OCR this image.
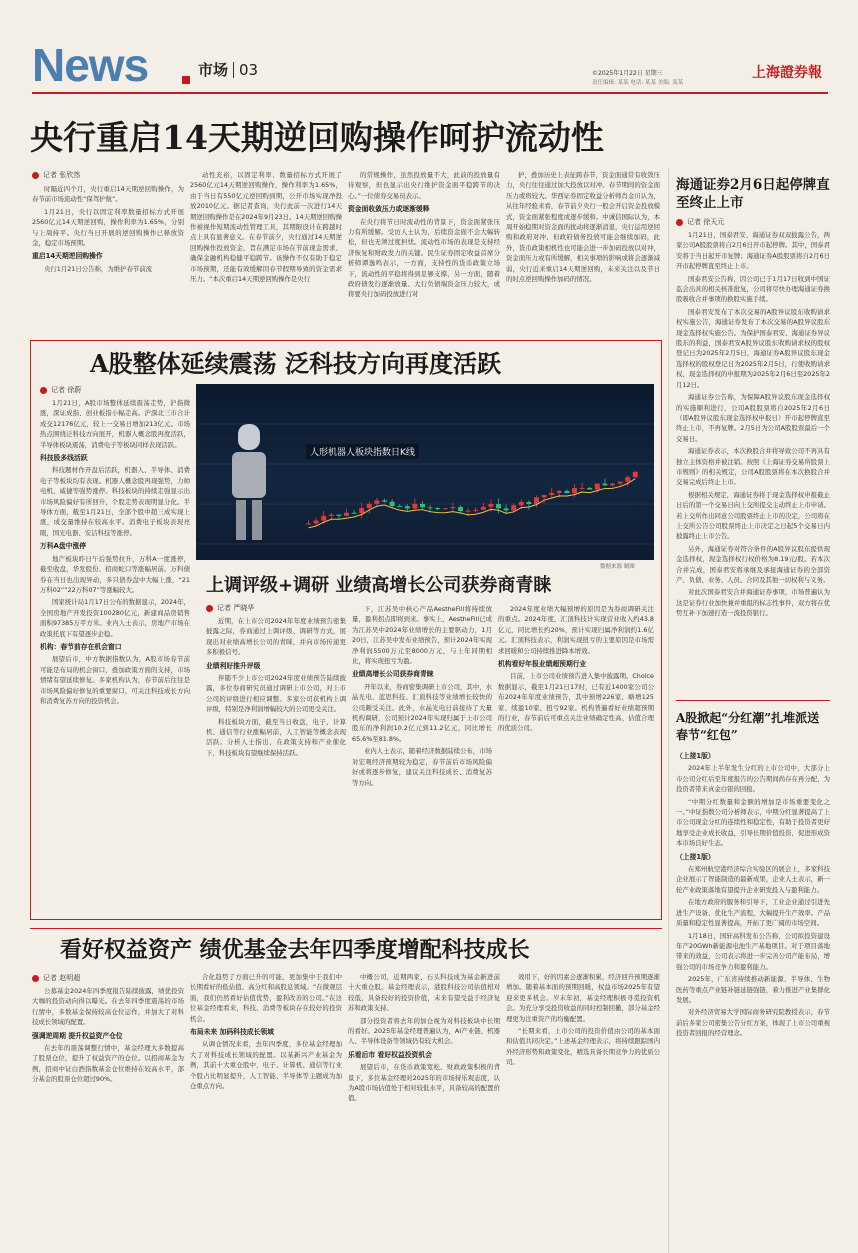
News	市场 03	©2025年1月22日 星期三
责任编辑: 某某 电话: 某某 美编: 某某
上海證券報
央行重启14天期逆回购操作呵护流动性
记者 张欣然

时隔近四个月，央行重启14天期逆回购操作，为春节前市场流动性“保驾护航”。

1月21日，央行以固定利率数量招标方式开展2560亿元14天期逆回购，操作利率为1.65%，分别与上周持平。央行当日开展的逆回购操作已释放资金，稳定市场预期。

重启14天期逆回购操作

央行1月21日公告称，为维护春节前流

动性充裕，以固定利率、数量招标方式开展了2560亿元14天期逆回购操作，操作利率为1.65%，由于当日有550亿元逆回购到期，公开市场实现净投放2010亿元。据记者查询，央行此前一次进行14天期逆回购操作是在2024年9月23日。14天期逆回购操作被视作短期流动性管理工具，其期限设计在跨越时点上具有显著意义。在春节前夕，央行通过14天期逆回购操作投放资金，旨在满足市场在节前现金需求、确保金融机构稳健平稳跨节。该操作不仅有助于稳定市场预期，还能有效缓解因春节假期导致的资金需求压力。“本次重启14天期逆回购操作是央行

的常规操作，虽然投放量不大，此前的投放量有待观察，但也显示出央行维护资金面平稳跨节的决心。”一位债券交易员表示。

资金面收敛压力或逐渐缓释

在央行将节日时流动性的背景下，资金面紧张压力有所缓解。受访人士认为，后续资金面不会大幅转松，但也无须过度担忧。流动性市场的表现是支持经济恢复和财政发力的关键。民生证券固定收益首席分析师谭逸鸣表示，一方面，支持性的货币政策立场下，流动性的平稳将得到足够支撑，另一方面，随着政府债发行逐渐放量、大行负债端资金压力较大，或将要央行加码投放进行对

护，叠加历史上表征跨春节，资金面通常有收敛压力，央行往往通过加大投放以对冲。春节期间的资金面压力或将较大。华西证券固定收益分析师肖金川认为，从往年经验来看，春节前夕央行一般会开启资金投放模式，资金面紧张程度或逐步缓和。中诚信国际认为，本周开始稳期对资金面的扰动将逐渐消退，央行运用逆回购和政府对冲、但政府债务投放可能会继续加码，此外，货币政策相机性也可能会进一步加码投放以对冲，资金面压力或有所缓解，相关事项的影响或将会逐渐减弱，央行近来重启14天期逆回购，未来关注以及节日的时点逆回购操作加码的情况。

海通证券2月6日起停牌直至终止上市
记者 徐天元

1月21日，国泰君安、海通证券双双披露公告，两家公司A股股票将自2月6日开市起停牌。其中，国泰君安将于当日起开市复牌；海通证券A股股票将自2月6日开市起停牌直至终止上市。

国泰君安公告称，因公司已于1月17日收到中国证监会出具的相关核准批复，公司将尽快办理海通证券换股吸收合并事项的换股实施手续。

国泰君安发布了本次交易的A股异议股东收购请求权实施公告，海通证券发布了本次交易的A股异议股东现金选择权实施公告。为保护国泰君安、海通证券异议股东的利益，国泰君安A股异议股东收购请求权的股权登记日为2025年2月5日，海通证券A股异议股东现金选择权的股权登记日为2025年2月5日，行使收购请求权、现金选择权的申报期为2025年2月6日至2025年2月12日。

海通证券公告称，为保障A股异议股东现金选择权的实施顺利进行，公司A股股票将自2025年2月6日（即A股异议股东现金选择权申报日）开市起停牌直至终止上市，不再复牌。2月5日为公司A股股票最后一个交易日。

海通证券表示，本次换股合并将导致公司不再具有独立主体资格并被注销。按照《上海证券交易所股票上市规则》的相关规定，公司A股股票将在本次换股合并交易完成后终止上市。

根据相关规定，海通证券将于现金选择权申报截止日后的第一个交易日向上交所提交主动终止上市申请。若上交所作出同意公司股票终止上市的决定，公司将在上交所公告公司股票终止上市决定之日起5个交易日内披露终止上市公告。

另外，海通证券对符合条件的A股异议股东提供现金选择权，现金选择权行权价格为8.19元/股。若本次合并完成，国泰君安将承继及承接海通证券的全部资产、负债、业务、人员、合同及其他一切权利与义务。

对此次国泰君安合并海通证券事项，市场普遍认为这是证券行业加快兼并重组的标志性事件，双方将在优势互补下加速打造一流投资银行。

A股掀起“分红潮”扎堆派送春节“红包”

（上接1版）

2024年上半年发生分红的上市公司中，大部分上市公司分红后至年度报告的公告期间尚存在再分配，为投资者带来真金白银的回报。

“中期分红数量和金额的增加是市场重要变化之一。”中证指数公司分析师表示，中期分红显著提高了上市公司现金分红的连续性和稳定性，有助于投资者更好地享受企业成长收益，引导长期价值投资，促进形成资本市场良好生态。

（上接1版）

在郑州航空港经济综合实验区的展会上，多家科技企业展示了智能制造的最新成果，企业人士表示，新一轮产业政策落地有望提升企业研发投入与盈利能力。

在地方政府的服务和引导下，工业企业通过引进先进生产设备、优化生产流程，大幅提升生产效率。产品质量和稳定性显著提高，开拓了更广阔的市场空间。

1月18日，国轩高科发布公告称，公司拟投资建设年产20GWh新能源电池生产基地项目。对于项目落地带来的效益，公司表示将进一步完善公司产能布局，增强公司的市场竞争力和盈利能力。

2025年，广东省持续推动新能源、半导体、生物医药等重点产业链补链延链强链，着力推进产业集群化发展。

对外经济贸易大学国际商务研究院教授表示，春节前后多家公司密集公告分红方案，体现了上市公司重视投资者回报的经营理念。

A股整体延续震荡 泛科技方向再度活跃
记者 徐蔚

1月21日，A股市场整体延续震荡走势，沪指微涨，深证成指、创业板指小幅走高。沪深北三市合计成交12176亿元，较上一交易日增加213亿元。市场热点围绕泛科技方向展开，机器人概念股再度活跃，半导体板块震荡，消费电子等板块同样表现活跃。

科技股多线活跃

科技题材作开盘后活跃，机器人、半导体、消费电子等板块均有表现。机器人概念股再现强势，力帅电机、威捷等强势涨停。科技板块的持续走强显示出市场风险偏好有所回升，个股走势表现明显分化。半导体方面，截至1月21日，全部个股中超三成实现上涨，成交量维持在较高水平。消费电子板块表现亮眼，国光电器、安洁科技等涨停。

万科A盘中涨停

地产板块昨日午后强势拉升，万科A一度涨停，截至收盘，华发股份、招商蛇口等涨幅居前。万科债券在当日也出现异动，多只债券盘中大幅上涨，“21万科02”“22万科07”等涨幅较大。

国家统计局1月17日公布的数据显示，2024年，全国房地产开发投资100280亿元，新建商品房销售面积97385万平方米。业内人士表示，房地产市场在政策托底下有望逐步企稳。

机构：春节前存在机会窗口

展望后市，中方数据指数认为，A股市场春节前可能是布局的机会窗口，叠加政策方面的支持，市场情绪有望延续修复。多家机构认为，春节前后往往是市场风险偏好修复的重要窗口，可关注科技成长方向和消费复苏方向的投资机会。

人形机器人板块指数日K线
数据来源 制图
上调评级+调研 业绩高增长公司获券商青睐
记者 严晓华

近期，在上市公司2024年年度业绩预告密集披露之际，券商通过上调评级、调研等方式，展现出对业绩高增长公司的青睐，并向市场传递更多积极信号。

业绩利好推升评级

伴随不少上市公司2024年度业绩预告陆续披露，多位券商研究员通过调研上市公司，对上市公司的评级进行相应调整。多家公司获机构上调评级，特别是净利润增幅较大的公司更受关注。

科技板块方面，截至当日收盘，电子、计算机、通信等行业涨幅居前，人工智能等概念表现活跃。分析人士指出，在政策支持和产业催化下，科技板块有望继续保持活跃。

下，江苏吴中核心产品AestheFill将持续放量，盈利拐点即将到来。事实上，AestheFill已成为江苏吴中2024年业绩增长的主要驱动力，1月20日，江苏吴中发布业绩预告，预计2024年实现净利润5500万元至8000万元，与上年同期相比，将实现扭亏为盈。

业绩高增长公司获券商青睐

开年以来，券商密集调研上市公司，其中，水晶光电、蓝思科技、汇顶科技等业绩增长较快的公司颇受关注。此外，水晶光电日前接待了大量机构调研，公司预计2024年实现归属于上市公司股东的净利润10.2亿元到11.2亿元，同比增长65.6%至81.8%。

业内人士表示，随着经济数据陆续公布，市场对宏观经济预期较为稳定，春节前后市场风险偏好或将逐步修复，建议关注科技成长、消费复苏等方向。

2024年度业绩大幅预增的原因是为券商调研关注的重点。2024年度，汇顶科技计实现营业收入约43.8亿元，同比增长约20%，预计实现归属净利润约1.6亿元。汇顶科技表示，利润实现扭亏的主要原因是市场需求回暖和公司持续推进降本增效。

机构看好年报业绩超预期行业

目前，上市公司业绩预告进入集中披露期。Choice数据显示，截至1月21日17时，已有近1400家公司公布2024年年度业绩预告，其中预增226家、略增125家、续盈10家、扭亏92家。机构普遍看好业绩超预期的行业，春节前后可重点关注业绩确定性高、估值合理的优质公司。

看好权益资产 绩优基金去年四季度增配科技成长
记者 赵明超

公募基金2024年四季度报告陆续披露，绩优投资大咖的投资动向得以曝光。在去年四季度震荡的市场行情中，多数基金保持较高仓位运作，并加大了对科技成长领域的配置。

强调逆周期 提升权益资产仓位

在去年的震荡调整行情中，基金经理大多数提高了股票仓位，提升了权益资产的仓位。以招商基金为例，招商中证白酒指数基金仓位维持在较高水平，部分基金的股票仓位超过90%。

合化趋势了方面已升的可能，更加集中于我们中长期看好的低估值、高分红和高股息领域。“在微观层面，我们仍然看好估值优势，盈利改善的公司。”在这位基金经理看来，科技、消费等板块存在较好的投资机会。

布局未来 加码科技成长领域

从调仓情况来看，去年四季度，多位基金经理加大了对科技成长领域的配置。以某新兴产业基金为例，其前十大重仓股中，电子、计算机、通信等行业个股占比明显提升，人工智能、半导体等主题成为加仓重点方向。

中概公司，近期两家、石头科技成为基金新进前十大重仓股。基金经理表示，港股科技公司估值相对较低，具备较好的投资价值，未来有望受益于经济复苏和政策支持。

部分投资者将去年的加仓视为对科技板块中长期的看好。2025年基金经理普遍认为，AI产业链、机器人、半导体设备等领域仍有较大机会。

乐看后市 看好权益投资机会

展望后市，在货币政策宽松、财政政策积极的背景下，多位基金经理对2025年的市场持乐观态度，认为A股市场估值处于相对较低水平，具备较高的配置价值。

效用下，好的因素会逐渐积累，经济回升预期逐渐增加。随着基本面的预期回暖，权益市场2025年有望迎来更多机会。岁末年初，基金经理积极寻觅投资机会。为充分享受投资收益的同时控制回撤，部分基金经理更为注重资产的均衡配置。

“长期来看，上市公司的投资价值由公司的基本面和估值共同决定。”上述基金经理表示，将持续跟踪国内外经济形势和政策变化，精选具备长期竞争力的优质公司。
